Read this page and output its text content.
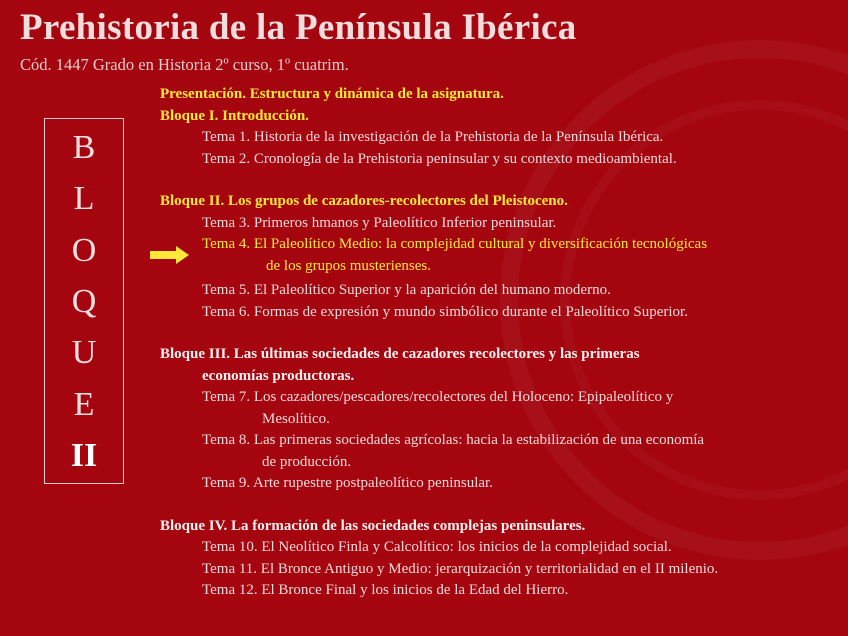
Prehistoria de la Península Ibérica
Cód. 1447 Grado en Historia 2º curso, 1º cuatrim.
B
L
O
Q
U
E
II
Presentación. Estructura y dinámica de la asignatura.
Bloque I. Introducción.
Tema 1. Historia de la investigación de la Prehistoria de la Península Ibérica.
Tema 2. Cronología de la Prehistoria peninsular y su contexto medioambiental.
Bloque II. Los grupos de cazadores-recolectores del Pleistoceno.
Tema 3. Primeros hmanos y Paleolítico Inferior peninsular.
Tema 4. El Paleolítico Medio: la complejidad cultural y diversificación tecnológicas
de los grupos musterienses.
Tema 5. El Paleolítico Superior y la aparición del humano moderno.
Tema 6. Formas de expresión y mundo simbólico durante el Paleolítico Superior.
Bloque III. Las últimas sociedades de cazadores recolectores y las primeras
economías productoras.
Tema 7. Los cazadores/pescadores/recolectores del Holoceno: Epipaleolítico y
Mesolítico.
Tema 8. Las primeras sociedades agrícolas: hacia la estabilización de una economía
de producción.
Tema 9. Arte rupestre postpaleolítico peninsular.
Bloque IV. La formación de las sociedades complejas peninsulares.
Tema 10. El Neolítico Finla y Calcolítico: los inicios de la complejidad social.
Tema 11. El Bronce Antiguo y Medio: jerarquización y territorialidad en el II milenio.
Tema 12. El Bronce Final y los inicios de la Edad del Hierro.
